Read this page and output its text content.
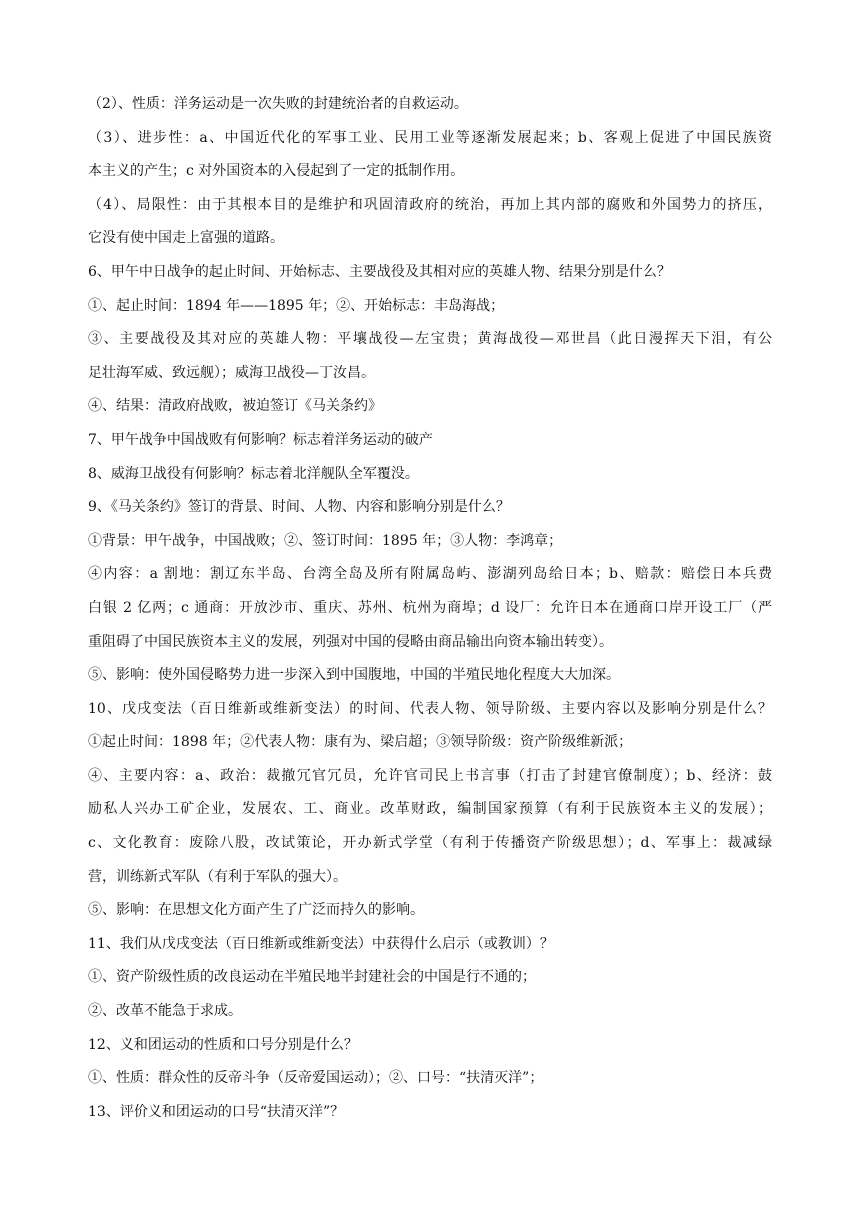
（2）、性质：洋务运动是一次失败的封建统治者的自救运动。
（3）、进步性：a、中国近代化的军事工业、民用工业等逐渐发展起来；b、客观上促进了中国民族资
本主义的产生；c 对外国资本的入侵起到了一定的抵制作用。
（4）、局限性：由于其根本目的是维护和巩固清政府的统治，再加上其内部的腐败和外国势力的挤压，
它没有使中国走上富强的道路。
6、甲午中日战争的起止时间、开始标志、主要战役及其相对应的英雄人物、结果分别是什么？
①、起止时间：1894 年——1895 年；②、开始标志：丰岛海战；
③、主要战役及其对应的英雄人物：平壤战役—左宝贵；黄海战役—邓世昌（此日漫挥天下泪，有公
足壮海军威、致远舰）；威海卫战役—丁汝昌。
④、结果：清政府战败，被迫签订《马关条约》
7、甲午战争中国战败有何影响？标志着洋务运动的破产
8、威海卫战役有何影响？标志着北洋舰队全军覆没。
9、《马关条约》签订的背景、时间、人物、内容和影响分别是什么？
①背景：甲午战争，中国战败；②、签订时间：1895 年；③人物：李鸿章；
④内容：a 割地：割辽东半岛、台湾全岛及所有附属岛屿、澎湖列岛给日本；b、赔款：赔偿日本兵费
白银 2 亿两；c 通商：开放沙市、重庆、苏州、杭州为商埠；d 设厂：允许日本在通商口岸开设工厂（严
重阻碍了中国民族资本主义的发展，列强对中国的侵略由商品输出向资本输出转变）。
⑤、影响：使外国侵略势力进一步深入到中国腹地，中国的半殖民地化程度大大加深。
10、戊戌变法（百日维新或维新变法）的时间、代表人物、领导阶级、主要内容以及影响分别是什么？
①起止时间：1898 年；②代表人物：康有为、梁启超；③领导阶级：资产阶级维新派；
④、主要内容：a、政治：裁撤冗官冗员，允许官司民上书言事（打击了封建官僚制度）；b、经济：鼓
励私人兴办工矿企业，发展农、工、商业。改革财政，编制国家预算（有利于民族资本主义的发展）；
c、文化教育：废除八股，改试策论，开办新式学堂（有利于传播资产阶级思想）；d、军事上：裁减绿
营，训练新式军队（有利于军队的强大）。
⑤、影响：在思想文化方面产生了广泛而持久的影响。
11、我们从戊戌变法（百日维新或维新变法）中获得什么启示（或教训）？
①、资产阶级性质的改良运动在半殖民地半封建社会的中国是行不通的；
②、改革不能急于求成。
12、义和团运动的性质和口号分别是什么？
①、性质：群众性的反帝斗争（反帝爱国运动）；②、口号：“扶清灭洋”；
13、评价义和团运动的口号“扶清灭洋”？
